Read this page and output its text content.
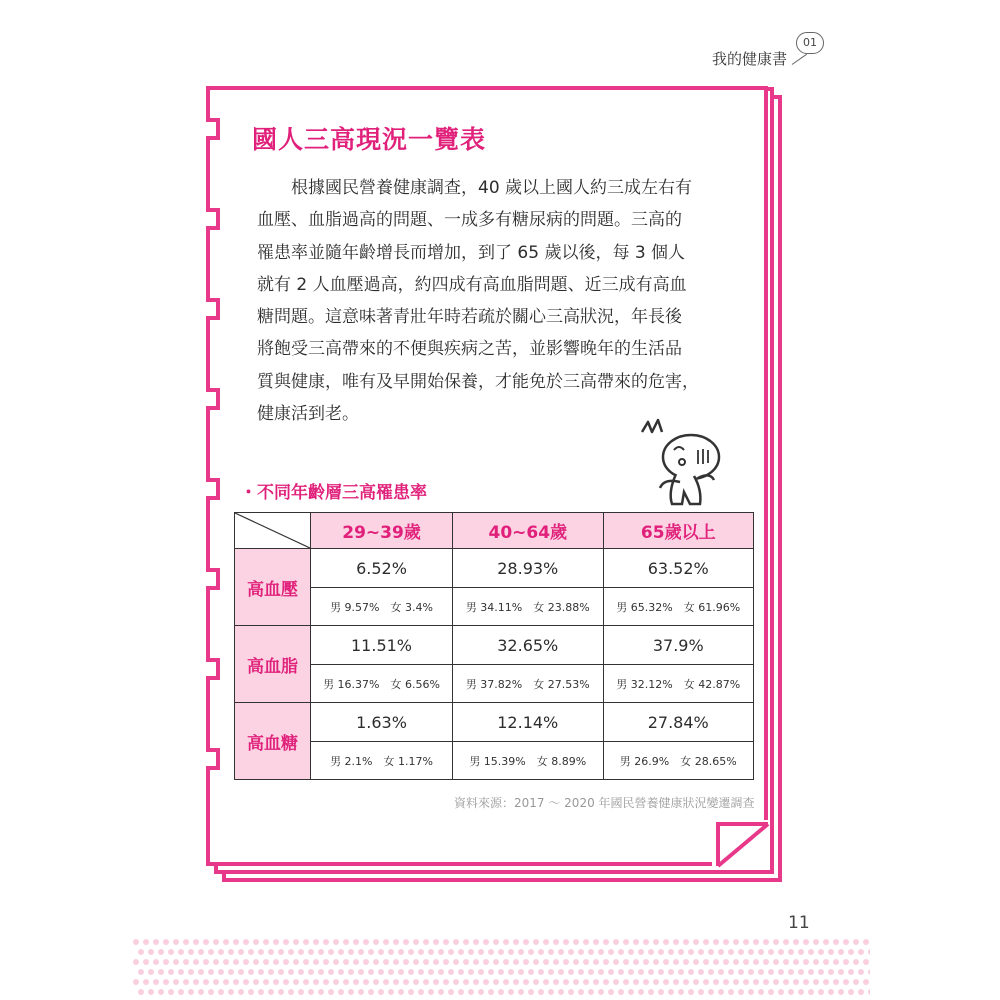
我的健康書
01
國人三高現況一覽表
　　根據國民營養健康調查，40 歲以上國人約三成左右有
血壓、血脂過高的問題、一成多有糖尿病的問題。三高的
罹患率並隨年齡增長而增加，到了 65 歲以後，每 3 個人
就有 2 人血壓過高，約四成有高血脂問題、近三成有高血
糖問題。這意味著青壯年時若疏於關心三高狀況，年長後
將飽受三高帶來的不便與疾病之苦，並影響晚年的生活品
質與健康，唯有及早開始保養，才能免於三高帶來的危害，
健康活到老。
・不同年齡層三高罹患率
	29~39歲	40~64歲	65歲以上
高血壓	6.52%	28.93%	63.52%
	男 9.57%　女 3.4%	男 34.11%　女 23.88%	男 65.32%　女 61.96%
高血脂	11.51%	32.65%	37.9%
	男 16.37%　女 6.56%	男 37.82%　女 27.53%	男 32.12%　女 42.87%
高血糖	1.63%	12.14%	27.84%
	男 2.1%　女 1.17%	男 15.39%　女 8.89%	男 26.9%　女 28.65%
資料來源：2017 ～ 2020 年國民營養健康狀況變遷調查
11
